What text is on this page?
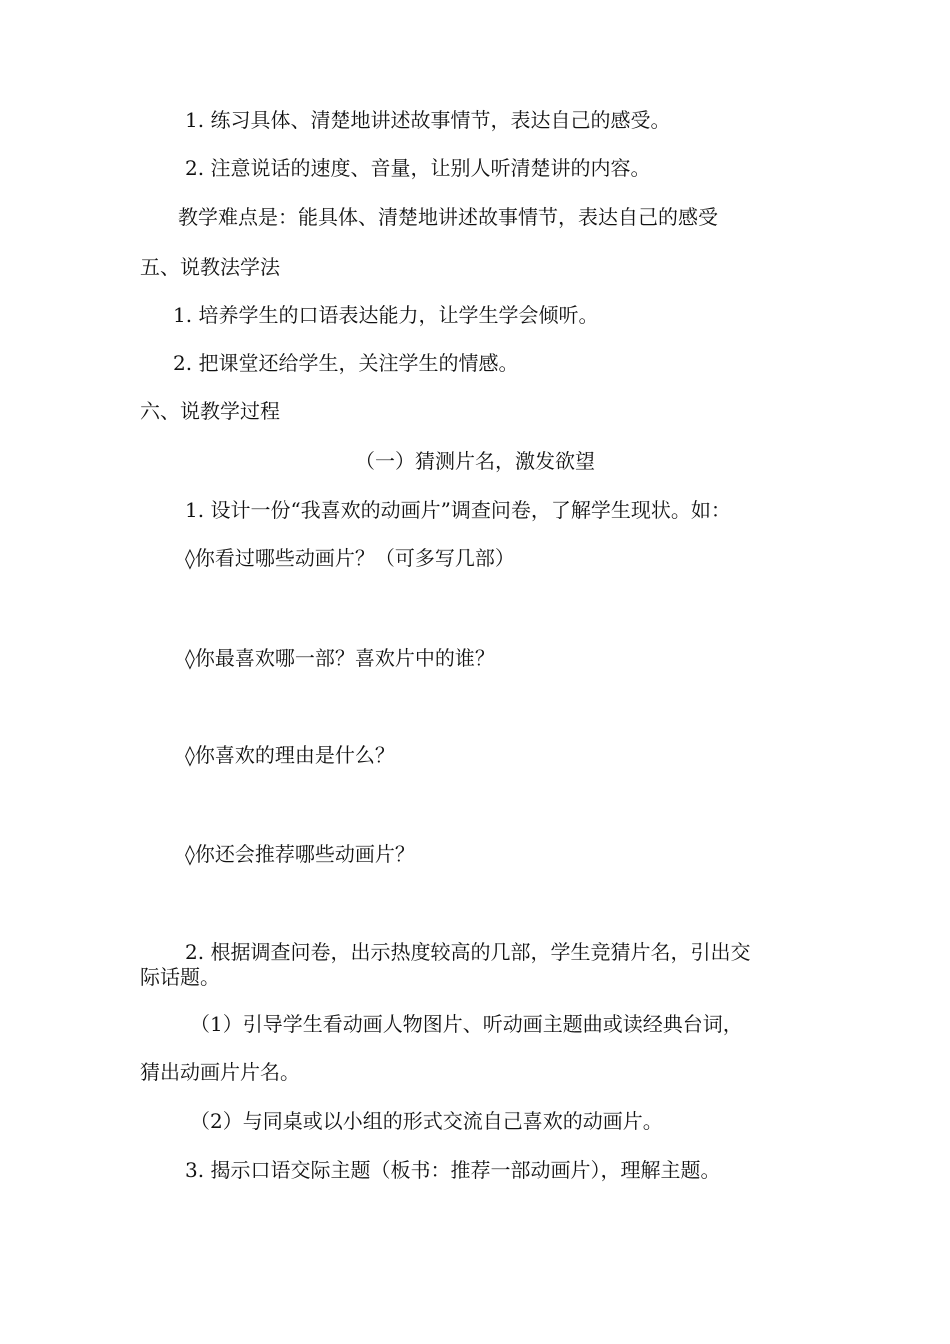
1. 练习具体、清楚地讲述故事情节，表达自己的感受。
2. 注意说话的速度、音量，让别人听清楚讲的内容。
教学难点是：能具体、清楚地讲述故事情节，表达自己的感受
五、说教法学法
1. 培养学生的口语表达能力，让学生学会倾听。
2. 把课堂还给学生，关注学生的情感。
六、说教学过程
（一）猜测片名，激发欲望
1. 设计一份“我喜欢的动画片”调查问卷，了解学生现状。如：
◊你看过哪些动画片？（可多写几部）
◊你最喜欢哪一部？喜欢片中的谁？
◊你喜欢的理由是什么？
◊你还会推荐哪些动画片？
2. 根据调查问卷，出示热度较高的几部，学生竞猜片名，引出交
际话题。
（1）引导学生看动画人物图片、听动画主题曲或读经典台词，
猜出动画片片名。
（2）与同桌或以小组的形式交流自己喜欢的动画片。
3. 揭示口语交际主题（板书：推荐一部动画片），理解主题。
